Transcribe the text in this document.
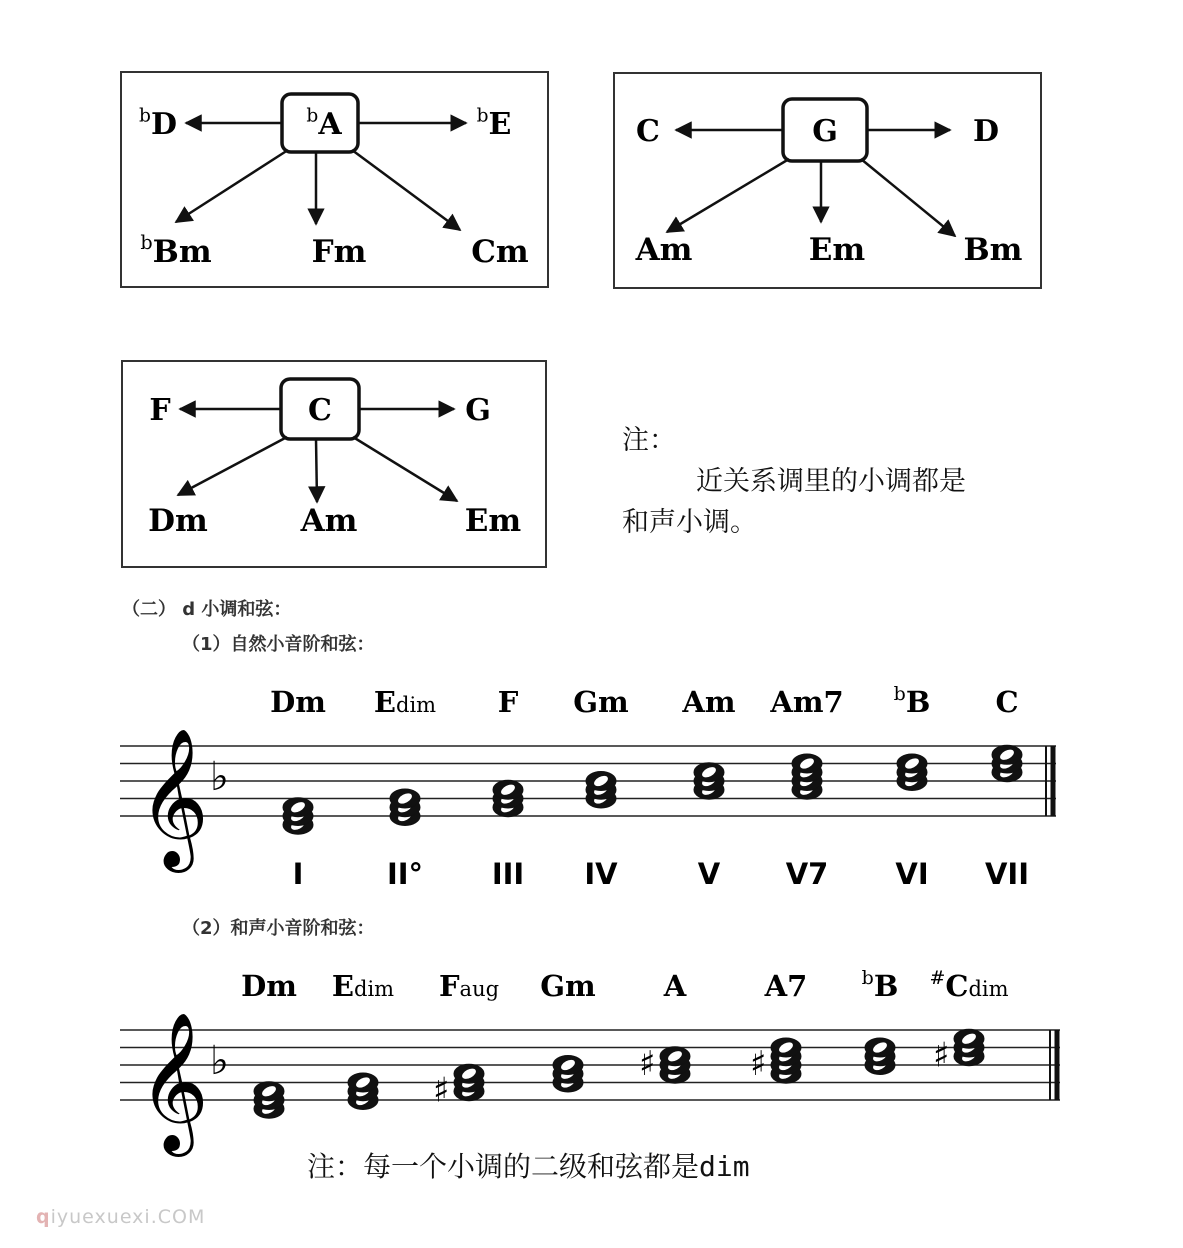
$^b$A
$^b$D	$^b$E
$^b$Bm	Fm	Cm
G
C	D
Am	Em	Bm
C
F	G
Dm	Am	Em
注：
近关系调里的小调都是
和声小调。
（二） d 小调和弦：
（1）自然小音阶和弦：
（2）和声小音阶和弦：
𝄞 ♭
Dm
I
Edim
II°
F
III
Gm
IV
Am
V
Am7
V7
$^b$B
VI
C
VII
𝄞 ♭
Dm Edim Faug
♯
Gm A
♯
A7
♯
$^b$B #Cdim
♯
注：每一个小调的二级和弦都是dim
qiyuexuexi.COM
